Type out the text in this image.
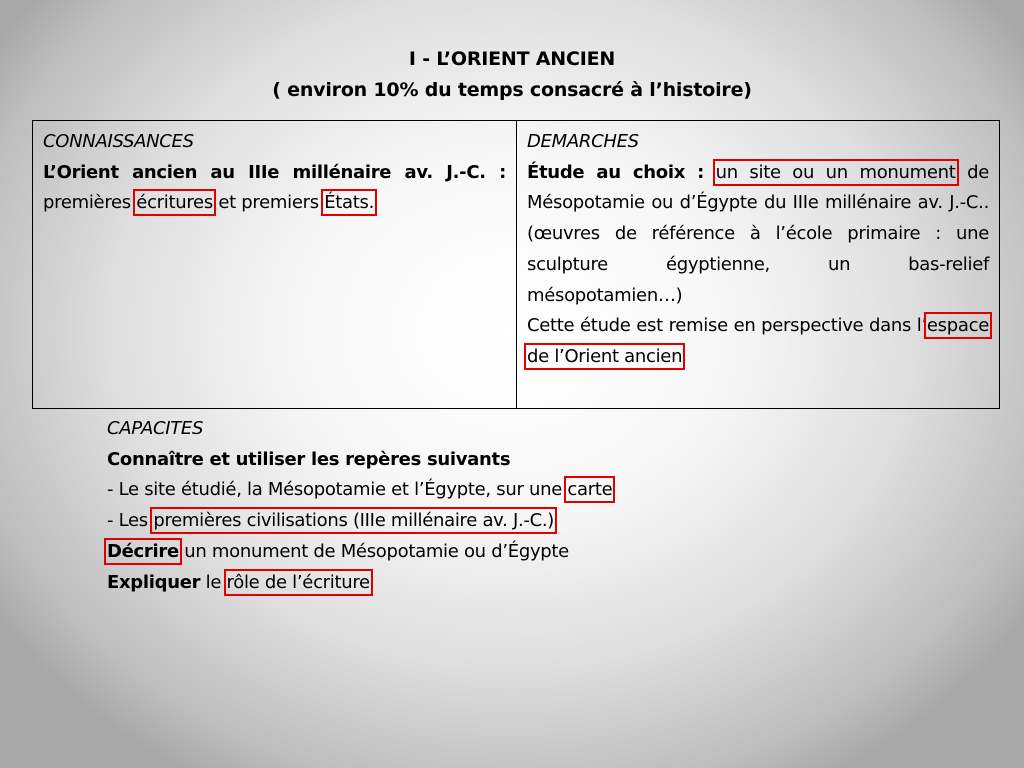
I - L’ORIENT ANCIEN
( environ 10% du temps consacré à l’histoire)
CONNAISSANCES
L’Orient ancien au IIIe millénaire av. J.-C. : premières écritures et premiers États.
DEMARCHES
Étude au choix : un site ou un monument de Mésopotamie ou d’Égypte du IIIe millénaire av. J.-C.. (œuvres de référence à l’école primaire : une sculpture égyptienne, un bas-relief mésopotamien…)
Cette étude est remise en perspective dans l’espace de l’Orient ancien
CAPACITES
Connaître et utiliser les repères suivants
- Le site étudié, la Mésopotamie et l’Égypte, sur une carte
- Les premières civilisations (IIIe millénaire av. J.-C.)
Décrire un monument de Mésopotamie ou d’Égypte
Expliquer le rôle de l’écriture
